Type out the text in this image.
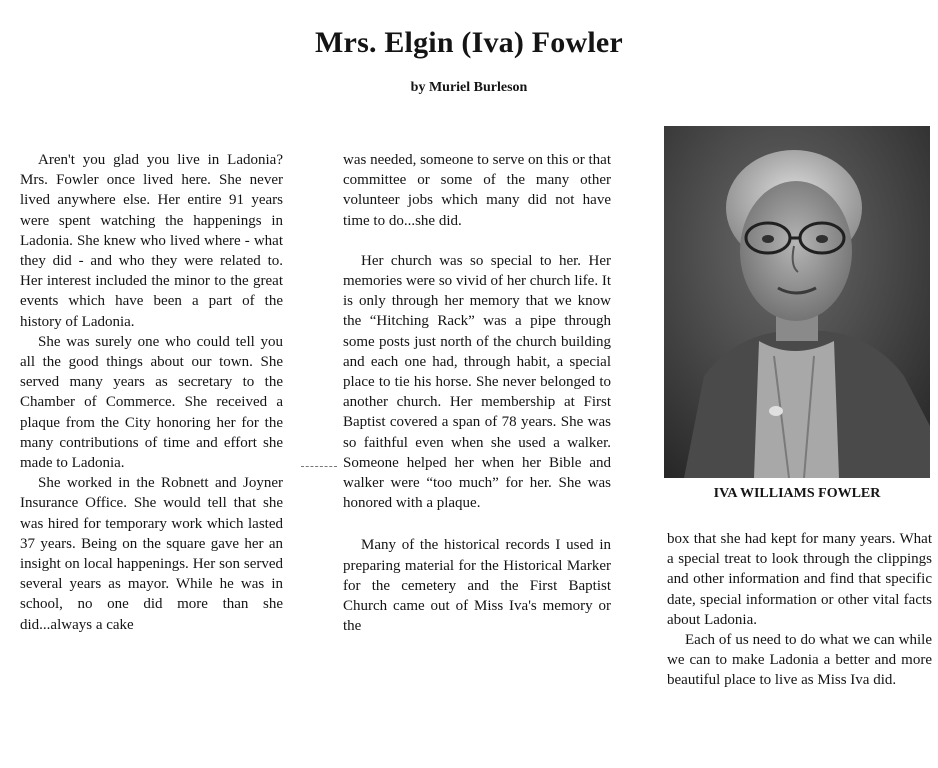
Mrs. Elgin (Iva) Fowler
by Muriel Burleson

Aren't you glad you live in Ladonia? Mrs. Fowler once lived here. She never lived anywhere else. Her entire 91 years were spent watching the happenings in Ladonia. She knew who lived where - what they did - and who they were related to. Her interest included the minor to the great events which have been a part of the history of Ladonia.

She was surely one who could tell you all the good things about our town. She served many years as secretary to the Chamber of Commerce. She received a plaque from the City honoring her for the many contributions of time and effort she made to Ladonia.

She worked in the Robnett and Joyner Insurance Office. She would tell that she was hired for temporary work which lasted 37 years. Being on the square gave her an insight on local happenings. Her son served several years as mayor. While he was in school, no one did more than she did...always a cake

was needed, someone to serve on this or that committee or some of the many other volunteer jobs which many did not have time to do...she did.

Her church was so special to her. Her memories were so vivid of her church life. It is only through her memory that we know the “Hitching Rack” was a pipe through some posts just north of the church building and each one had, through habit, a special place to tie his horse. She never belonged to another church. Her membership at First Baptist covered a span of 78 years. She was so faithful even when she used a walker. Someone helped her when her Bible and walker were “too much” for her. She was honored with a plaque.

Many of the historical records I used in preparing material for the Historical Marker for the cemetery and the First Baptist Church came out of Miss Iva's memory or the

IVA WILLIAMS FOWLER

box that she had kept for many years. What a special treat to look through the clippings and other information and find that specific date, special information or other vital facts about Ladonia.

Each of us need to do what we can while we can to make Ladonia a better and more beautiful place to live as Miss Iva did.
